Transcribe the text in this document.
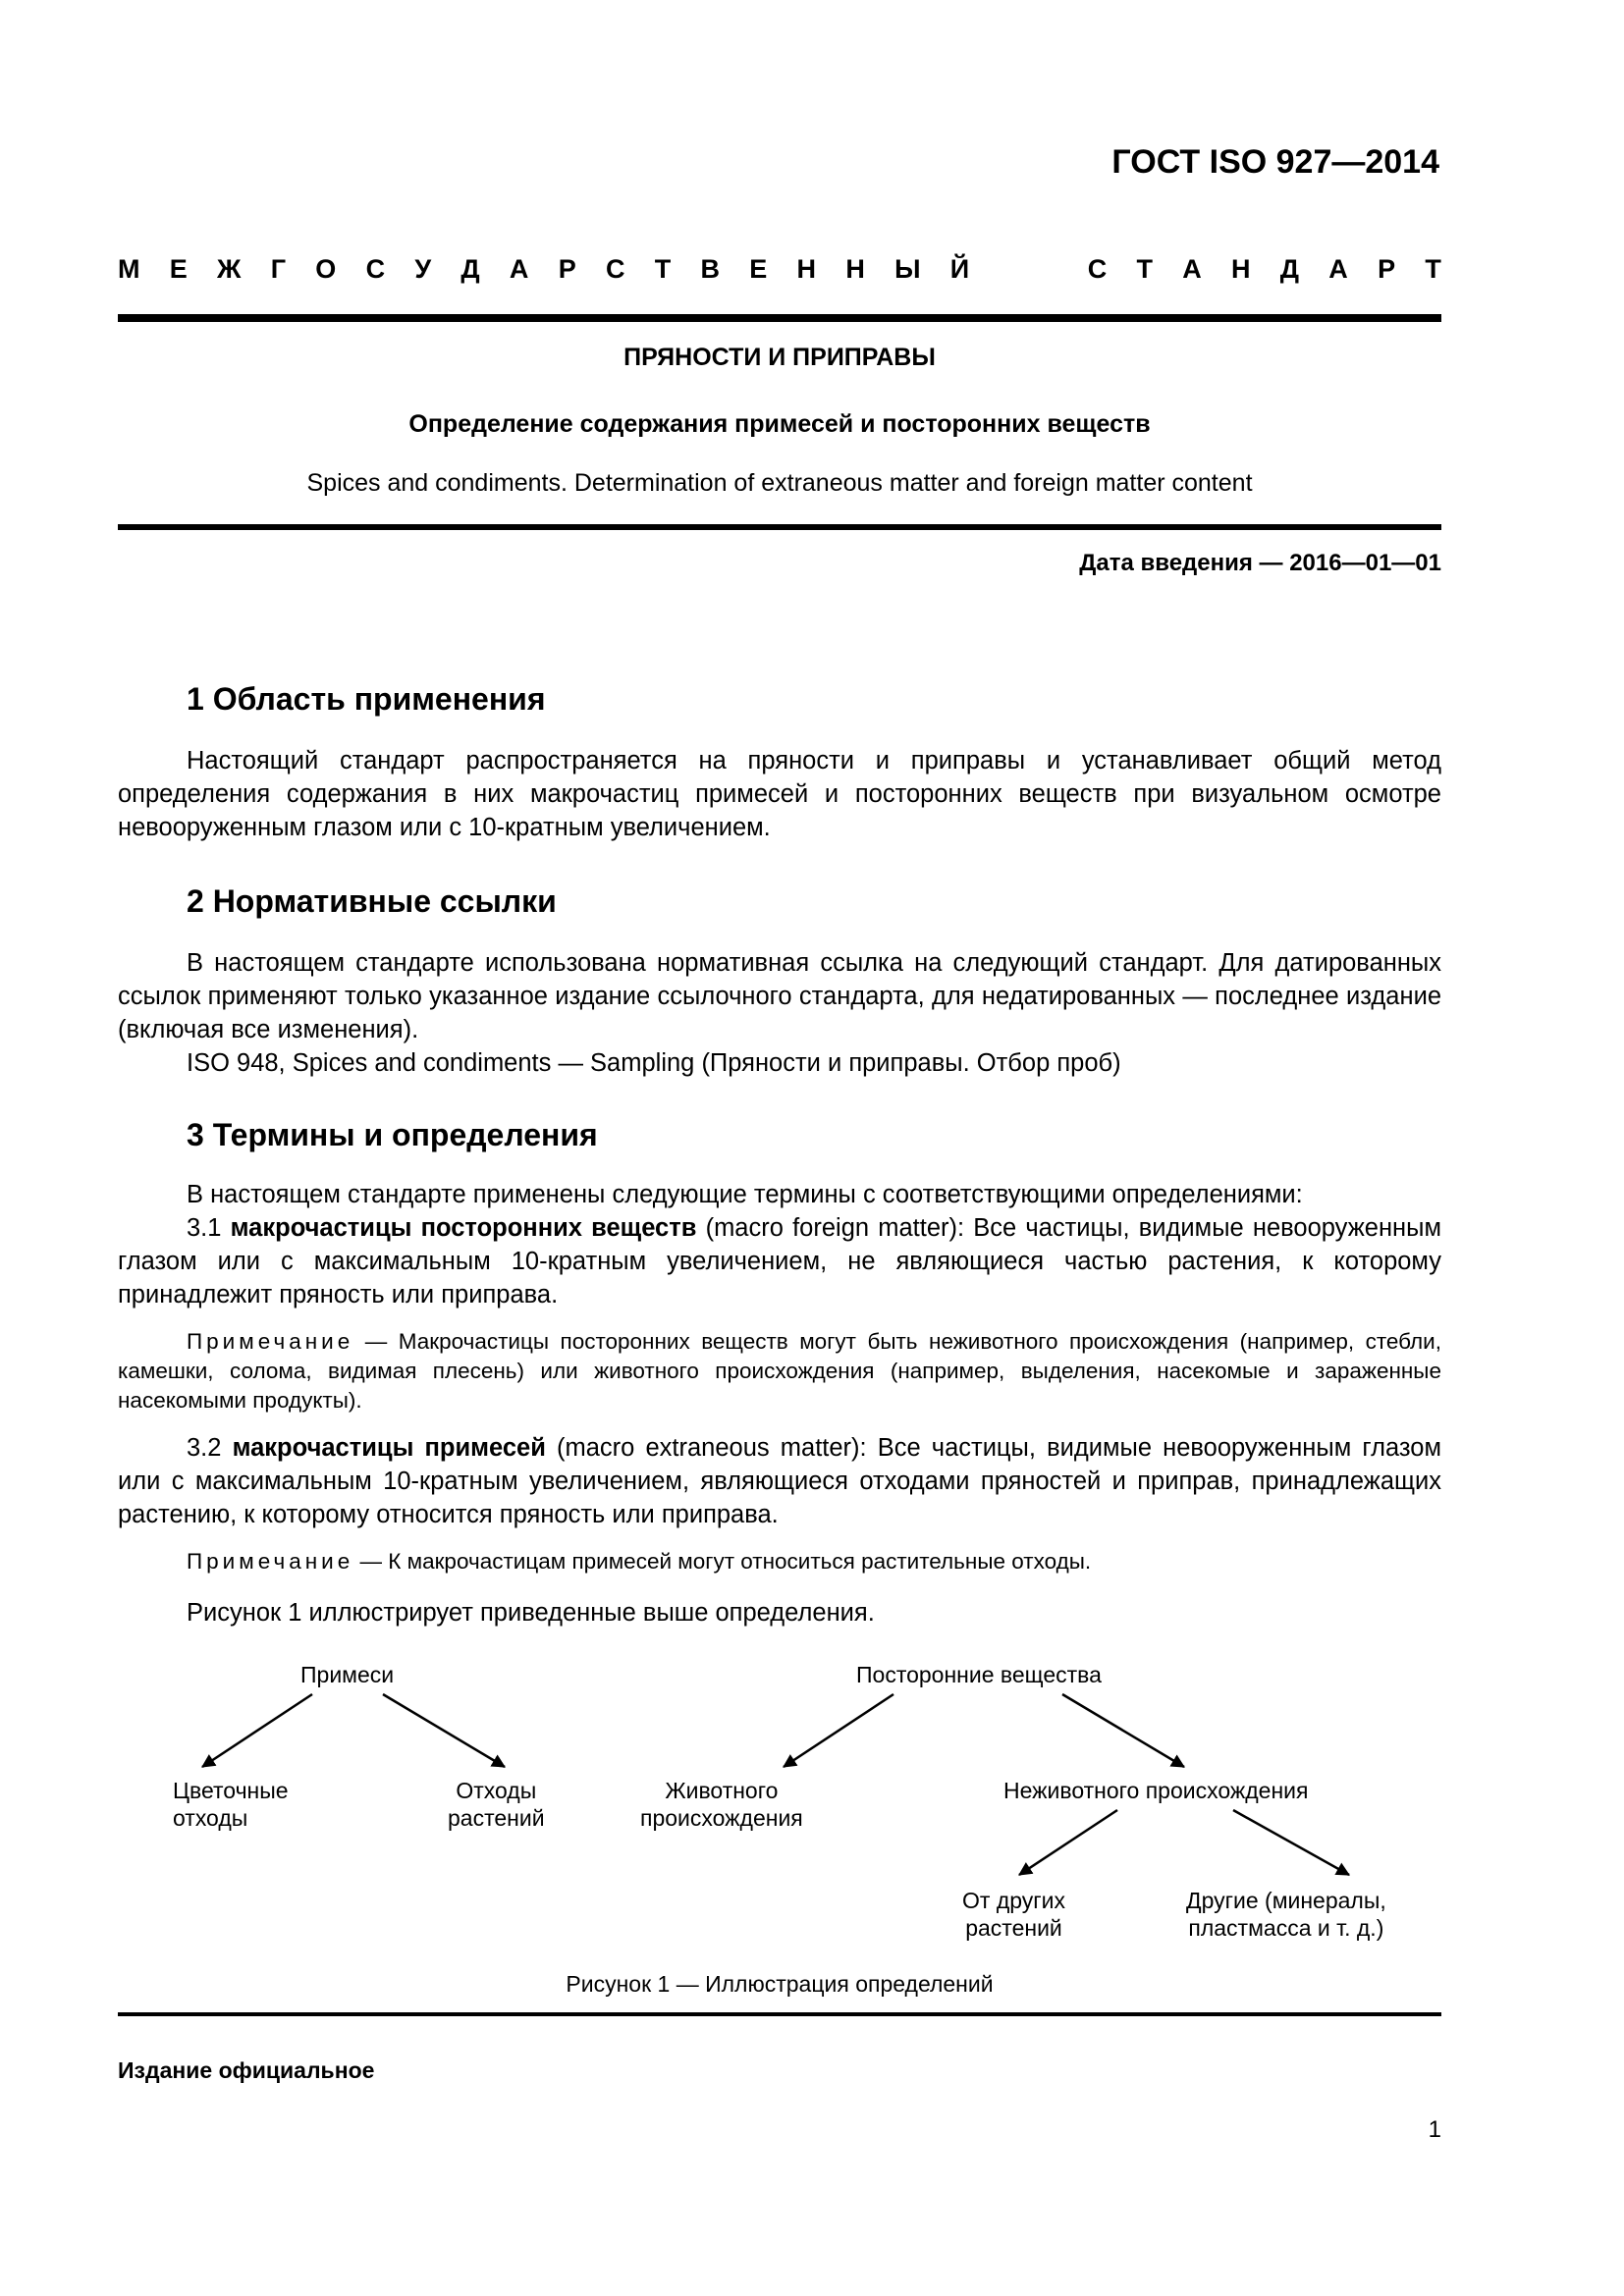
ГОСТ ISO 927—2014
М Е Ж Г О С У Д А Р С Т В Е Н Н Ы Й	С Т А Н Д А Р Т
ПРЯНОСТИ И ПРИПРАВЫ
Определение содержания примесей и посторонних веществ
Spices and condiments. Determination of extraneous matter and foreign matter content
Дата введения — 2016—01—01
1 Область применения
Настоящий стандарт распространяется на пряности и приправы и устанавливает общий метод определения содержания в них макрочастиц примесей и посторонних веществ при визуальном осмотре невооруженным глазом или с 10-кратным увеличением.
2 Нормативные ссылки
В настоящем стандарте использована нормативная ссылка на следующий стандарт. Для датированных ссылок применяют только указанное издание ссылочного стандарта, для недатированных — последнее издание (включая все изменения).
ISO 948, Spices and condiments — Sampling (Пряности и приправы. Отбор проб)
3 Термины и определения
В настоящем стандарте применены следующие термины с соответствующими определениями:
3.1 макрочастицы посторонних веществ (macro foreign matter): Все частицы, видимые невооруженным глазом или с максимальным 10-кратным увеличением, не являющиеся частью растения, к которому принадлежит пряность или приправа.
Примечание — Макрочастицы посторонних веществ могут быть неживотного происхождения (например, стебли, камешки, солома, видимая плесень) или животного происхождения (например, выделения, насекомые и зараженные насекомыми продукты).
3.2 макрочастицы примесей (macro extraneous matter): Все частицы, видимые невооруженным глазом или с максимальным 10-кратным увеличением, являющиеся отходами пряностей и приправ, принадлежащих растению, к которому относится пряность или приправа.
Примечание — К макрочастицам примесей могут относиться растительные отходы.
Рисунок 1 иллюстрирует приведенные выше определения.
Примеси	Посторонние вещества
Цветочные
отходы
Отходы
растений
Животного
происхождения
Неживотного происхождения
От других
растений
Другие (минералы,
пластмасса и т. д.)
Рисунок 1 — Иллюстрация определений
Издание официальное
1
